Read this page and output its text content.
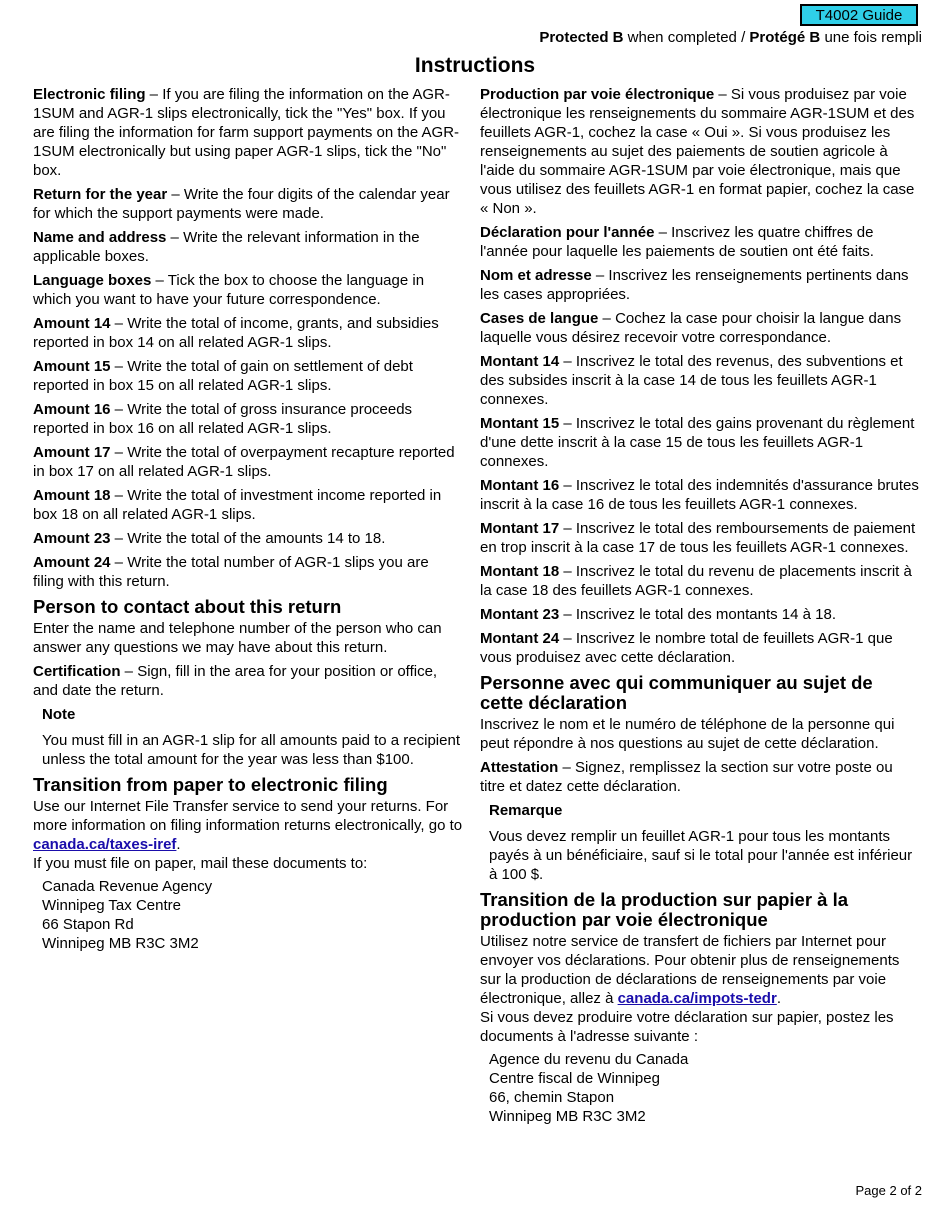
T4002 Guide
Protected B when completed / Protégé B une fois rempli
Instructions

Electronic filing – If you are filing the information on the AGR-1SUM and AGR-1 slips electronically, tick the "Yes" box. If you are filing the information for farm support payments on the AGR-1SUM electronically but using paper AGR-1 slips, tick the "No" box.

Return for the year – Write the four digits of the calendar year for which the support payments were made.

Name and address – Write the relevant information in the applicable boxes.

Language boxes – Tick the box to choose the language in which you want to have your future correspondence.

Amount 14 – Write the total of income, grants, and subsidies reported in box 14 on all related AGR-1 slips.

Amount 15 – Write the total of gain on settlement of debt reported in box 15 on all related AGR-1 slips.

Amount 16 – Write the total of gross insurance proceeds reported in box 16 on all related AGR-1 slips.

Amount 17 – Write the total of overpayment recapture reported in box 17 on all related AGR-1 slips.

Amount 18 – Write the total of investment income reported in box 18 on all related AGR-1 slips.

Amount 23 – Write the total of the amounts 14 to 18.

Amount 24 – Write the total number of AGR-1 slips you are filing with this return.

Person to contact about this return

Enter the name and telephone number of the person who can answer any questions we may have about this return.

Certification – Sign, fill in the area for your position or office, and date the return.

Note
You must fill in an AGR-1 slip for all amounts paid to a recipient unless the total amount for the year was less than $100.
Transition from paper to electronic filing
Use our Internet File Transfer service to send your returns. For more information on filing information returns electronically, go to canada.ca/taxes-iref.
If you must file on paper, mail these documents to:
Canada Revenue Agency
Winnipeg Tax Centre
66 Stapon Rd
Winnipeg MB R3C 3M2

Production par voie électronique – Si vous produisez par voie électronique les renseignements du sommaire AGR-1SUM et des feuillets AGR-1, cochez la case « Oui ». Si vous produisez les renseignements au sujet des paiements de soutien agricole à l'aide du sommaire AGR-1SUM par voie électronique, mais que vous utilisez des feuillets AGR-1 en format papier, cochez la case « Non ».

Déclaration pour l'année – Inscrivez les quatre chiffres de l'année pour laquelle les paiements de soutien ont été faits.

Nom et adresse – Inscrivez les renseignements pertinents dans les cases appropriées.

Cases de langue – Cochez la case pour choisir la langue dans laquelle vous désirez recevoir votre correspondance.

Montant 14 – Inscrivez le total des revenus, des subventions et des subsides inscrit à la case 14 de tous les feuillets AGR-1 connexes.

Montant 15 – Inscrivez le total des gains provenant du règlement d'une dette inscrit à la case 15 de tous les feuillets AGR-1 connexes.

Montant 16 – Inscrivez le total des indemnités d'assurance brutes inscrit à la case 16 de tous les feuillets AGR-1 connexes.

Montant 17 – Inscrivez le total des remboursements de paiement en trop inscrit à la case 17 de tous les feuillets AGR-1 connexes.

Montant 18 – Inscrivez le total du revenu de placements inscrit à la case 18 des feuillets AGR-1 connexes.

Montant 23 – Inscrivez le total des montants 14 à 18.

Montant 24 – Inscrivez le nombre total de feuillets AGR-1 que vous produisez avec cette déclaration.

Personne avec qui communiquer au sujet de cette déclaration

Inscrivez le nom et le numéro de téléphone de la personne qui peut répondre à nos questions au sujet de cette déclaration.

Attestation – Signez, remplissez la section sur votre poste ou titre et datez cette déclaration.

Remarque
Vous devez remplir un feuillet AGR-1 pour tous les montants payés à un bénéficiaire, sauf si le total pour l'année est inférieur à 100 $.
Transition de la production sur papier à la production par voie électronique
Utilisez notre service de transfert de fichiers par Internet pour envoyer vos déclarations. Pour obtenir plus de renseignements sur la production de déclarations de renseignements par voie électronique, allez à canada.ca/impots-tedr.
Si vous devez produire votre déclaration sur papier, postez les documents à l'adresse suivante :
Agence du revenu du Canada
Centre fiscal de Winnipeg
66, chemin Stapon
Winnipeg MB R3C 3M2
Page 2 of 2
